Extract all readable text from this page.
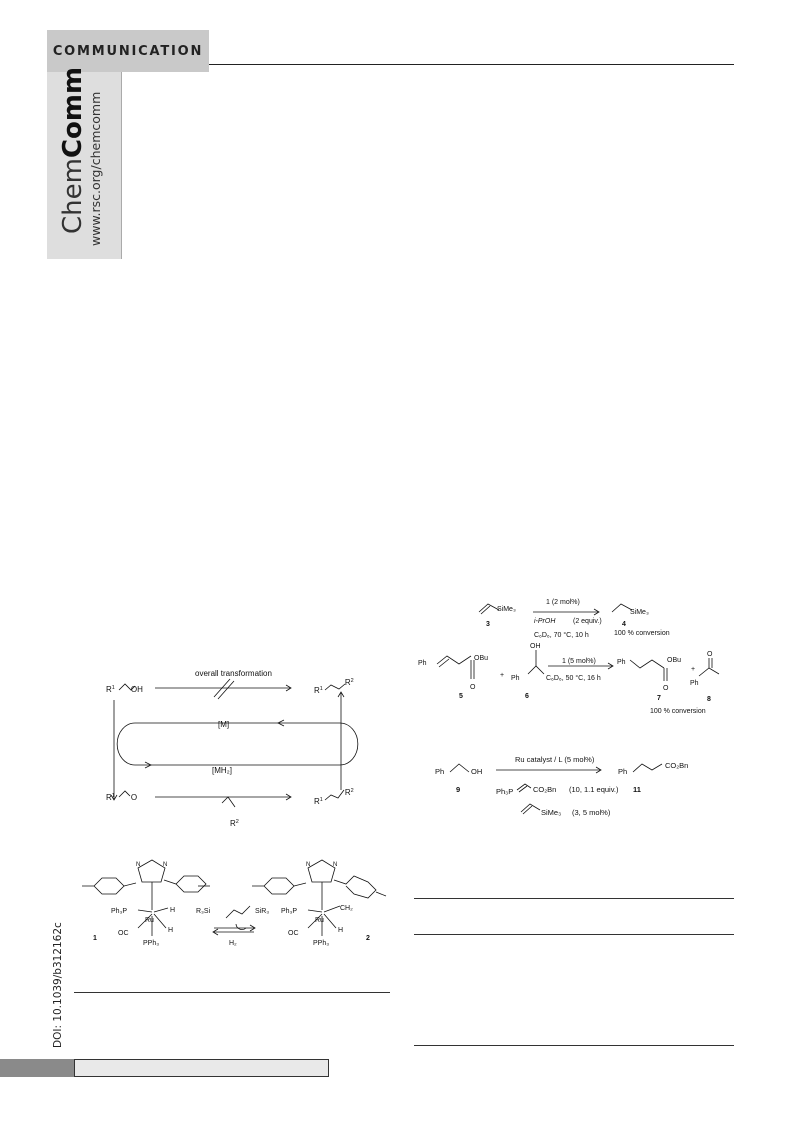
COMMUNICATION
ChemComm www.rsc.org/chemcomm
DOI: 10.1039/b312162c
$R^1$ OH
overall transformation
$R^1R^2$
[M]
[MH₂]
$R^1$ O	$R^1R^2$
$R^2$
Ph₃P
Ru
H
H
OC
PPh₃
1
N	N
R₃Si	SiR₃
H₂
Ph₃P
Ru
CH₂
H
OC
PPh₃
2
N	N
SiMe₃
3
1 (2 mol%)
i-PrOH	(2 equiv.)
C₆D₆, 70 °C, 10 h
SiMe₃
4
100 % conversion
Ph
OBu
O
5
+
OH
Ph
6
1 (5 mol%)
C₆D₆, 50 °C, 16 h
Ph	OBu
O
7
+
O
Ph
8
100 % conversion
Ph	OH
9
Ru catalyst / L (5 mol%)
Ph₃P	CO₂Bn (10, 1.1 equiv.)
SiMe₃ (3, 5 mol%)
Ph
CO₂Bn
11
